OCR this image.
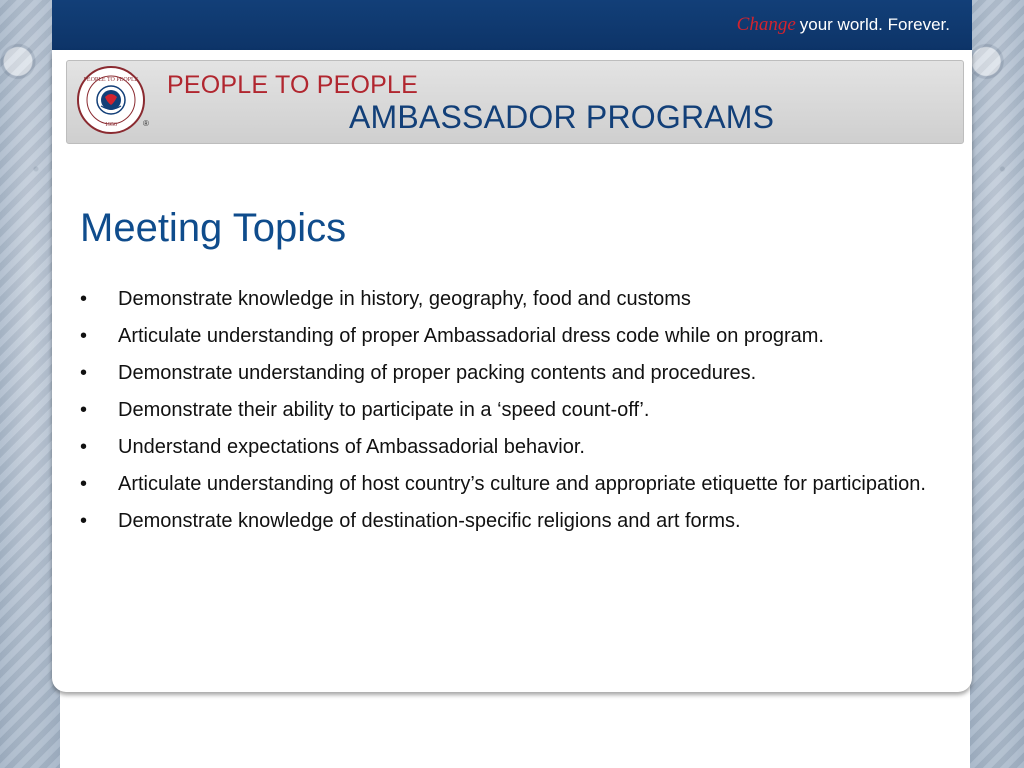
Change your world. Forever.
PEOPLE TO PEOPLE
1956	®
PEOPLE TO PEOPLE
AMBASSADOR PROGRAMS
Meeting Topics
• Demonstrate knowledge in history, geography, food and customs
• Articulate understanding of proper Ambassadorial dress code while on program.
• Demonstrate understanding of proper packing contents and procedures.
• Demonstrate their ability to participate in a ‘speed count-off’.
• Understand expectations of Ambassadorial behavior.
• Articulate understanding of host country’s culture and appropriate etiquette for participation.
• Demonstrate knowledge of destination-specific religions and art forms.
